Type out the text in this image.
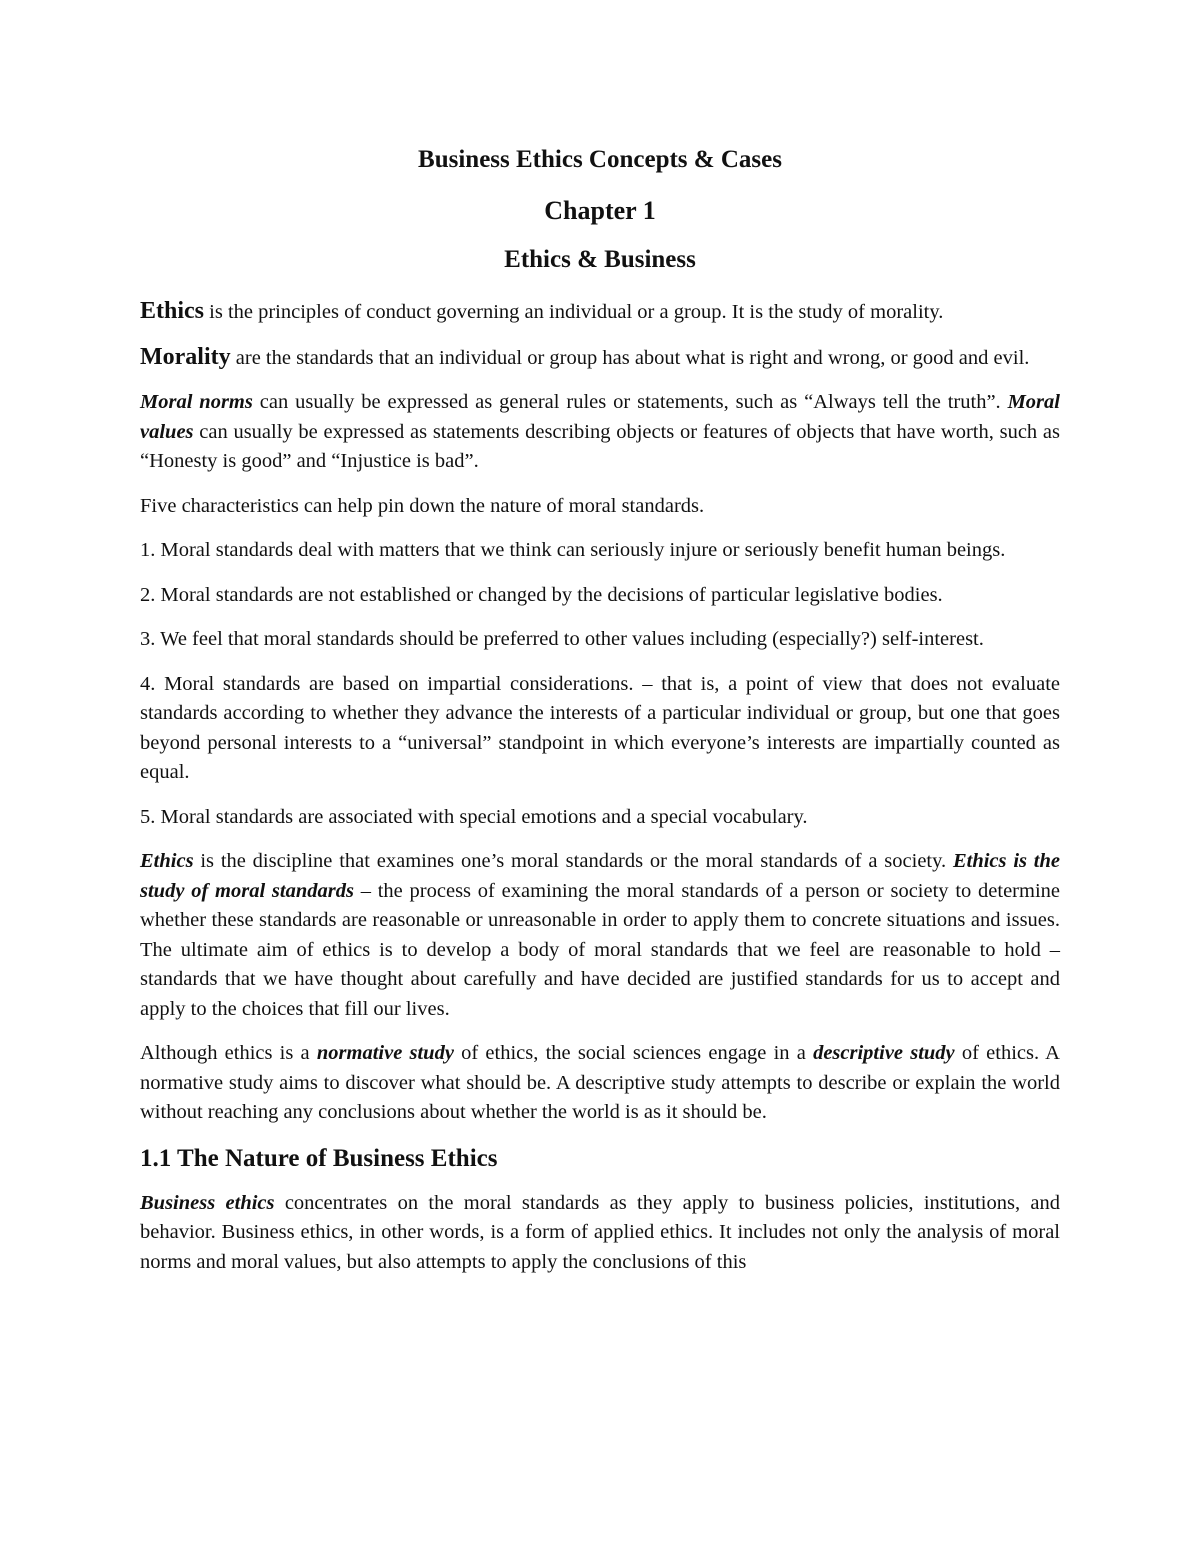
Business Ethics Concepts & Cases
Chapter 1
Ethics & Business

Ethics is the principles of conduct governing an individual or a group. It is the study of morality.

Morality are the standards that an individual or group has about what is right and wrong, or good and evil.

Moral norms can usually be expressed as general rules or statements, such as “Always tell the truth”. Moral values can usually be expressed as statements describing objects or features of objects that have worth, such as “Honesty is good” and “Injustice is bad”.

Five characteristics can help pin down the nature of moral standards.

1. Moral standards deal with matters that we think can seriously injure or seriously benefit human beings.

2. Moral standards are not established or changed by the decisions of particular legislative bodies.

3. We feel that moral standards should be preferred to other values including (especially?) self-interest.

4. Moral standards are based on impartial considerations. – that is, a point of view that does not evaluate standards according to whether they advance the interests of a particular individual or group, but one that goes beyond personal interests to a “universal” standpoint in which everyone’s interests are impartially counted as equal.

5. Moral standards are associated with special emotions and a special vocabulary.

Ethics is the discipline that examines one’s moral standards or the moral standards of a society. Ethics is the study of moral standards – the process of examining the moral standards of a person or society to determine whether these standards are reasonable or unreasonable in order to apply them to concrete situations and issues. The ultimate aim of ethics is to develop a body of moral standards that we feel are reasonable to hold – standards that we have thought about carefully and have decided are justified standards for us to accept and apply to the choices that fill our lives.

Although ethics is a normative study of ethics, the social sciences engage in a descriptive study of ethics. A normative study aims to discover what should be. A descriptive study attempts to describe or explain the world without reaching any conclusions about whether the world is as it should be.

1.1 The Nature of Business Ethics

Business ethics concentrates on the moral standards as they apply to business policies, institutions, and behavior. Business ethics, in other words, is a form of applied ethics. It includes not only the analysis of moral norms and moral values, but also attempts to apply the conclusions of this
